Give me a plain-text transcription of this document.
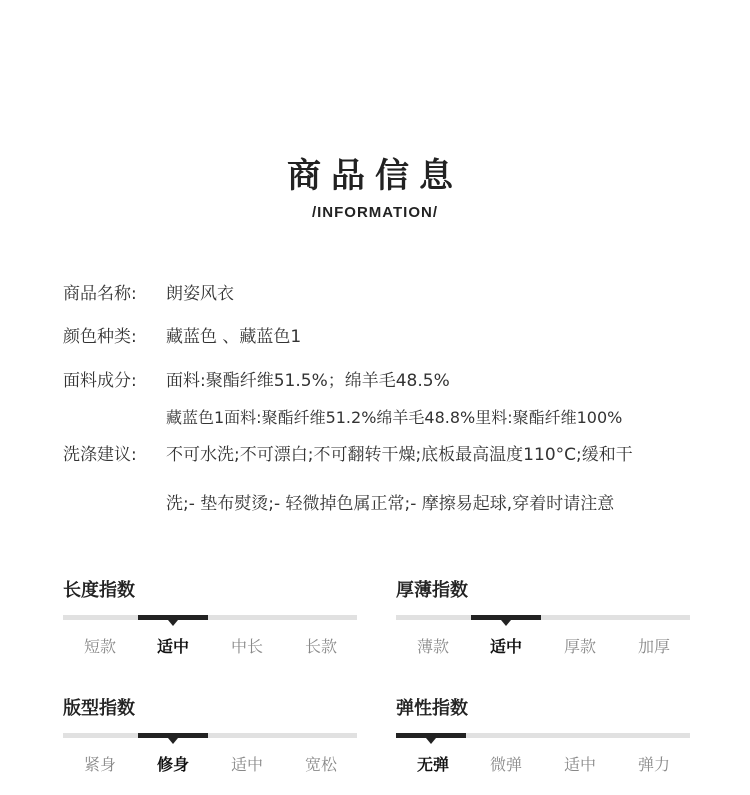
商品信息
/INFORMATION/
商品名称:	朗姿风衣
颜色种类:	藏蓝色 、藏蓝色1
面料成分:	面料:聚酯纤维51.5%；绵羊毛48.5%
藏蓝色1面料:聚酯纤维51.2%绵羊毛48.8%里料:聚酯纤维100%
洗涤建议:	不可水洗;不可漂白;不可翻转干燥;底板最高温度110°C;缓和干
洗;- 垫布熨烫;- 轻微掉色属正常;- 摩擦易起球,穿着时请注意
长度指数
短款	适中	中长	长款
厚薄指数
薄款	适中	厚款	加厚
版型指数
紧身	修身	适中	宽松
弹性指数
无弹	微弹	适中	弹力
